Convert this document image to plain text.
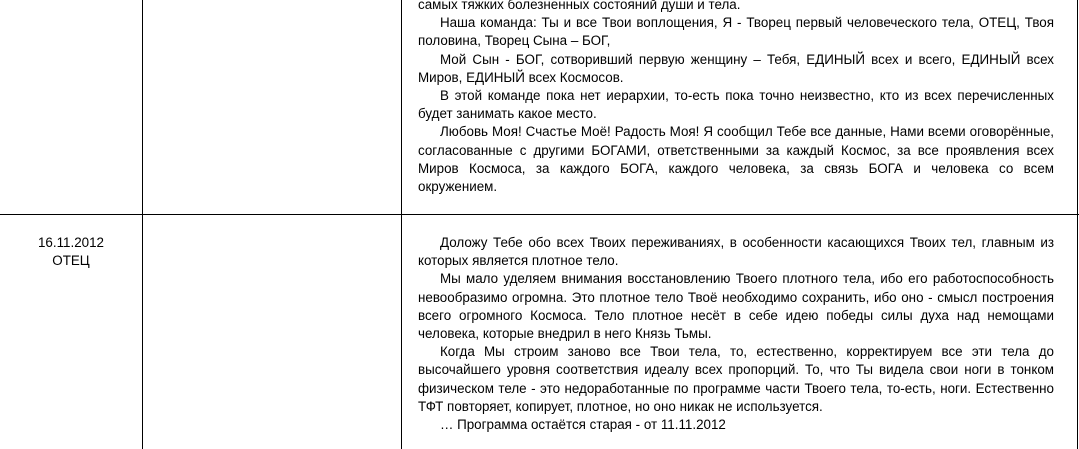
самых тяжких болезненных состояний души и тела.
Наша команда: Ты и все Твои воплощения, Я - Творец первый человеческого тела, ОТЕЦ, Твоя
половина, Творец Сына – БОГ,
Мой Сын - БОГ, сотворивший первую женщину – Тебя, ЕДИНЫЙ всех и всего, ЕДИНЫЙ всех
Миров, ЕДИНЫЙ всех Космосов.
В этой команде пока нет иерархии, то-есть пока точно неизвестно, кто из всех перечисленных
будет занимать какое место.
Любовь Моя! Счастье Моё! Радость Моя! Я сообщил Тебе все данные, Нами всеми оговорённые,
согласованные с другими БОГАМИ, ответственными за каждый Космос, за все проявления всех
Миров Космоса, за каждого БОГА, каждого человека, за связь БОГА и человека со всем
окружением.
16.11.2012
ОТЕЦ
Доложу Тебе обо всех Твоих переживаниях, в особенности касающихся Твоих тел, главным из
которых является плотное тело.
Мы мало уделяем внимания восстановлению Твоего плотного тела, ибо его работоспособность
невообразимо огромна. Это плотное тело Твоё необходимо сохранить, ибо оно - смысл построения
всего огромного Космоса. Тело плотное несёт в себе идею победы силы духа над немощами
человека, которые внедрил в него Князь Тьмы.
Когда Мы строим заново все Твои тела, то, естественно, корректируем все эти тела до
высочайшего уровня соответствия идеалу всех пропорций. То, что Ты видела свои ноги в тонком
физическом теле - это недоработанные по программе части Твоего тела, то-есть, ноги. Естественно
ТФТ повторяет, копирует, плотное, но оно никак не используется.
… Программа остаётся старая - от 11.11.2012
